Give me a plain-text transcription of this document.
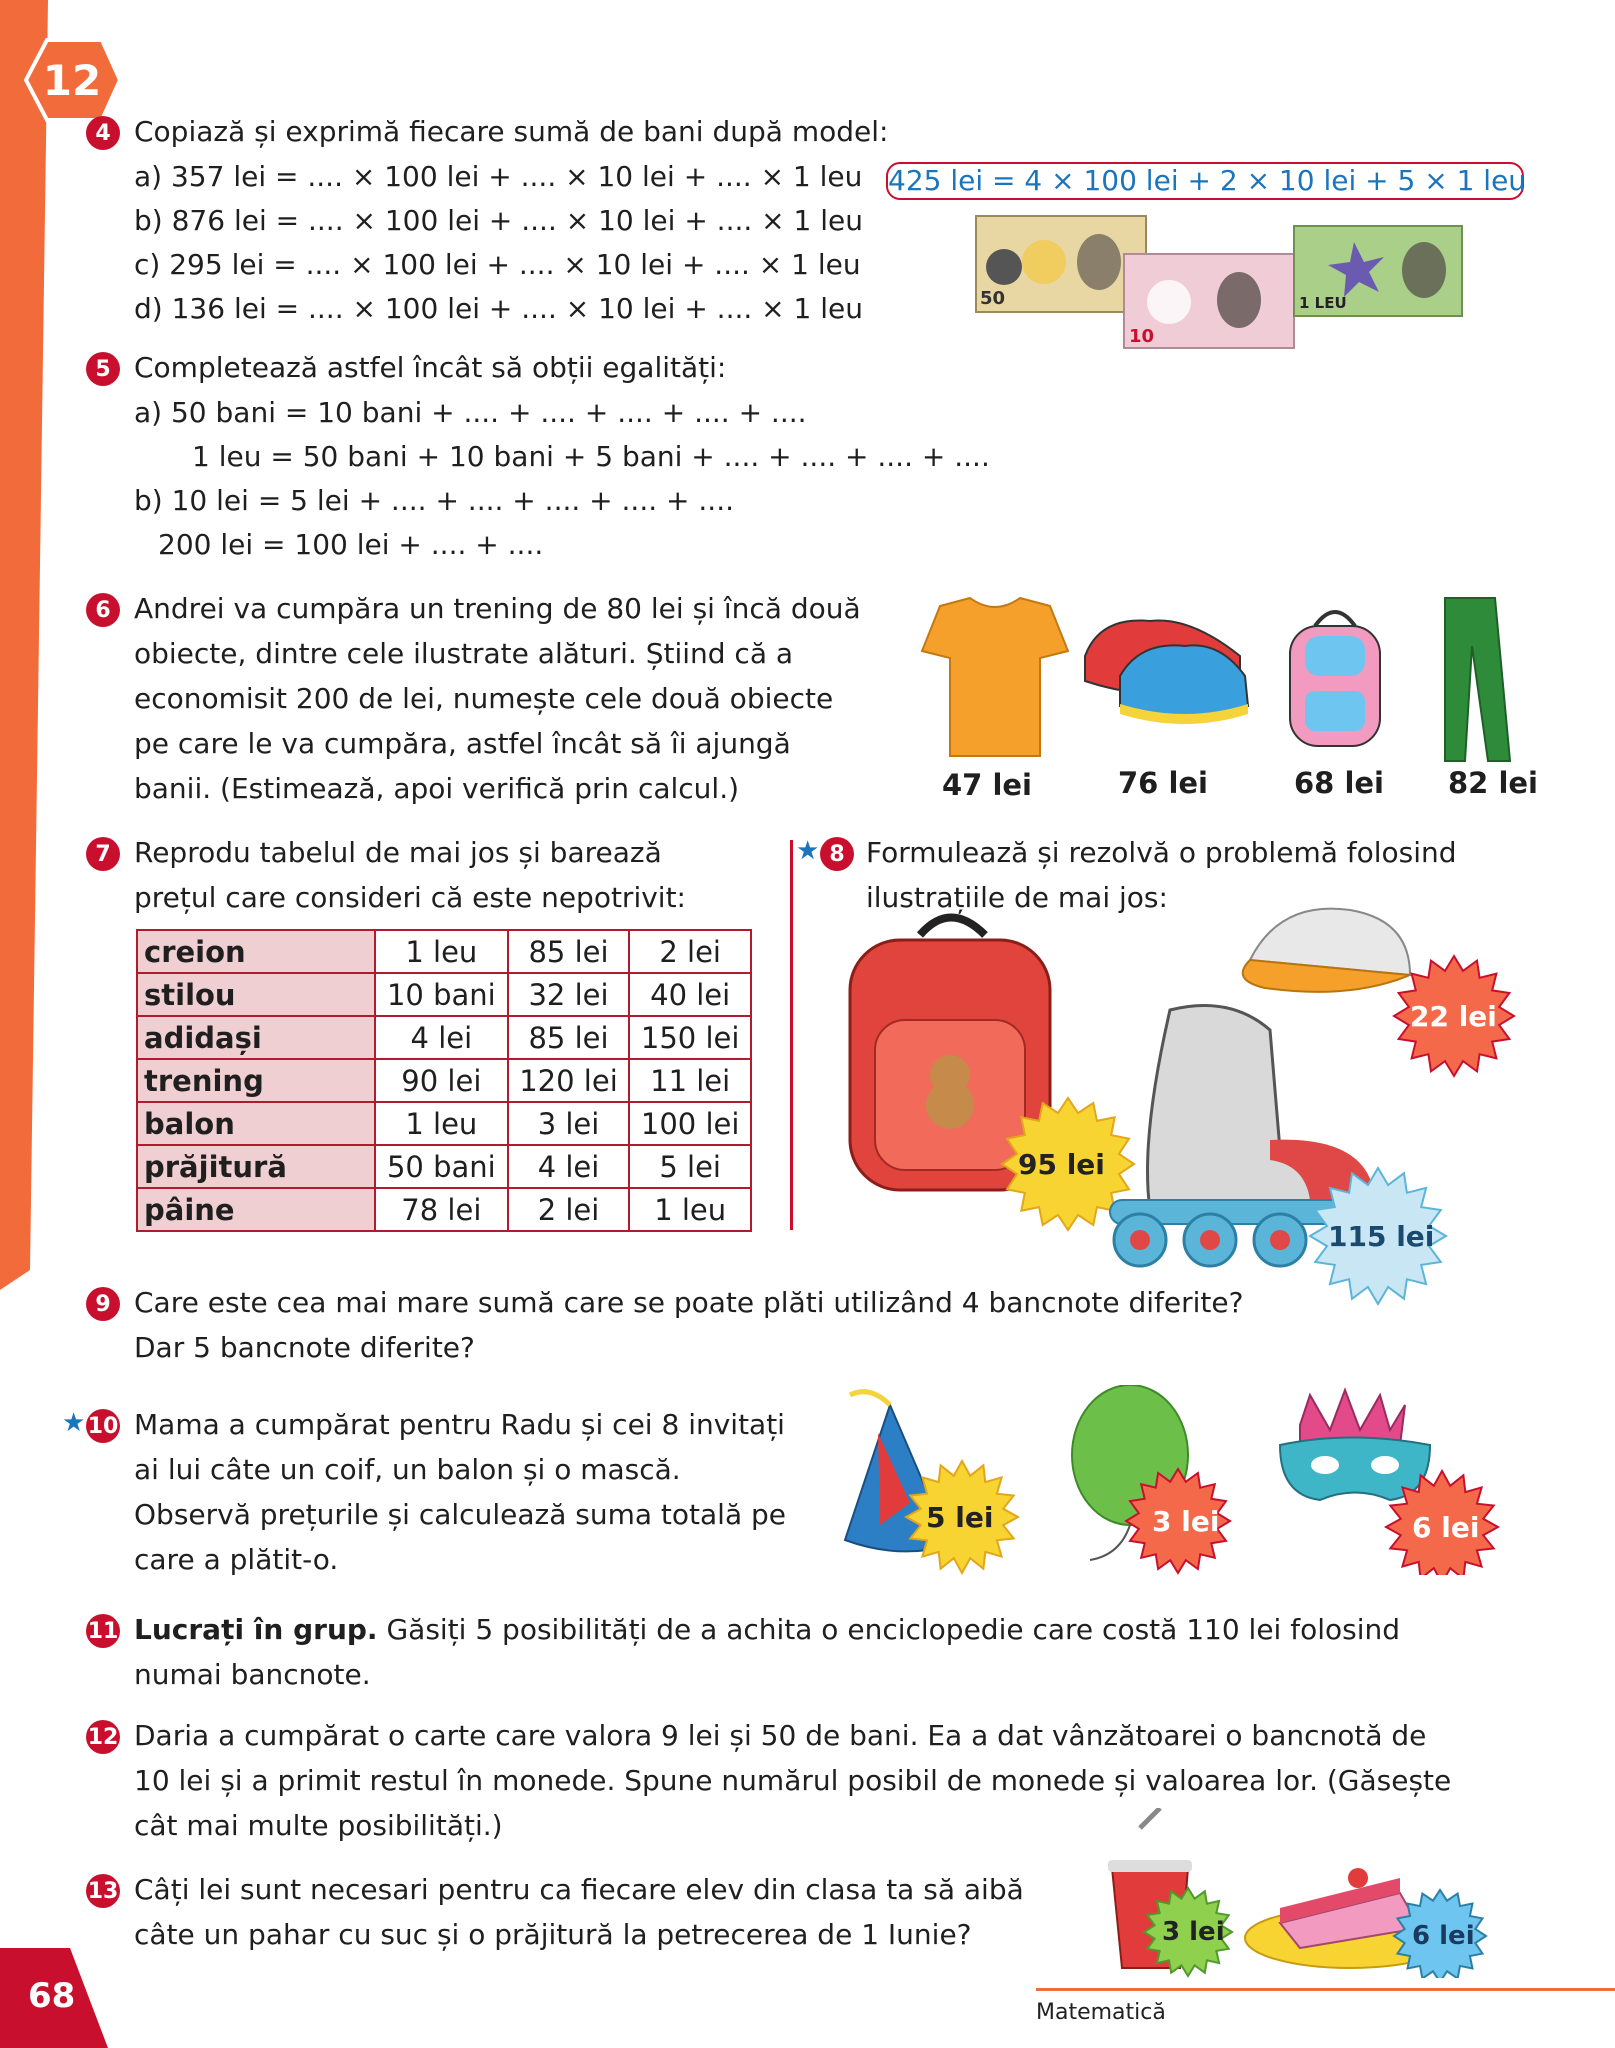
12
4 Copiază și exprimă fiecare sumă de bani după model:
a) 357 lei = .... × 100 lei + .... × 10 lei + .... × 1 leu
b) 876 lei = .... × 100 lei + .... × 10 lei + .... × 1 leu
c) 295 lei = .... × 100 lei + .... × 10 lei + .... × 1 leu
d) 136 lei = .... × 100 lei + .... × 10 lei + .... × 1 leu
425 lei = 4 × 100 lei + 2 × 10 lei + 5 × 1 leu
50
10
1 LEU
5 Completează astfel încât să obții egalități:
a) 50 bani = 10 bani + .... + .... + .... + .... + ....
1 leu = 50 bani + 10 bani + 5 bani + .... + .... + .... + ....
b) 10 lei = 5 lei + .... + .... + .... + .... + ....
200 lei = 100 lei + .... + ....
6 Andrei va cumpăra un trening de 80 lei și încă două
obiecte, dintre cele ilustrate alături. Știind că a
economisit 200 de lei, numește cele două obiecte
pe care le va cumpăra, astfel încât să îi ajungă
banii. (Estimează, apoi verifică prin calcul.)	47 lei	76 lei	68 lei 82 lei
7 Reprodu tabelul de mai jos și barează
prețul care consideri că este nepotrivit:
creion	1 leu	85 lei	2 lei
stilou	10 bani	32 lei	40 lei
adidași	4 lei	85 lei	150 lei
trening	90 lei	120 lei	11 lei
balon	1 leu	3 lei	100 lei
prăjitură	50 bani	4 lei	5 lei
pâine	78 lei	2 lei	1 leu
★ 8 Formulează și rezolvă o problemă folosind
ilustrațiile de mai jos:
95 lei
22 lei
115 lei
9 Care este cea mai mare sumă care se poate plăti utilizând 4 bancnote diferite?
Dar 5 bancnote diferite?
★ 10 Mama a cumpărat pentru Radu și cei 8 invitați
ai lui câte un coif, un balon și o mască.
Observă prețurile și calculează suma totală pe
care a plătit-o.
5 lei	3 lei	6 lei
11 Lucrați în grup. Găsiți 5 posibilități de a achita o enciclopedie care costă 110 lei folosind
numai bancnote.
12 Daria a cumpărat o carte care valora 9 lei și 50 de bani. Ea a dat vânzătoarei o bancnotă de
10 lei și a primit restul în monede. Spune numărul posibil de monede și valoarea lor. (Găsește
cât mai multe posibilități.)
13 Câți lei sunt necesari pentru ca fiecare elev din clasa ta să aibă
câte un pahar cu suc și o prăjitură la petrecerea de 1 Iunie?	3 lei	6 lei
68	Matematică
